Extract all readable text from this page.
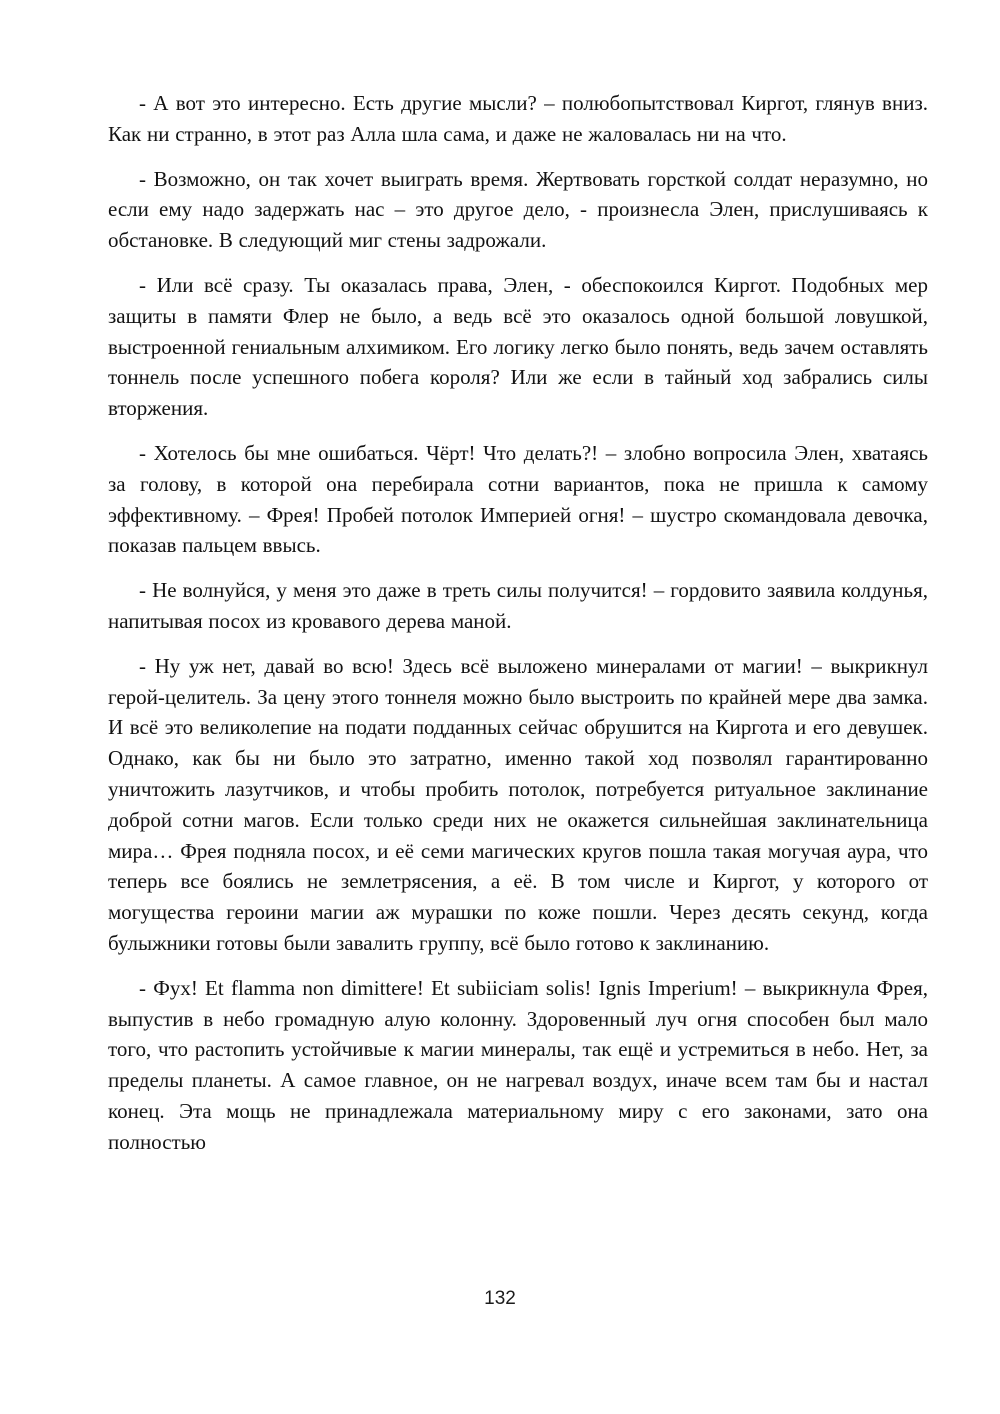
- А вот это интересно. Есть другие мысли? – полюбопытствовал Киргот, глянув вниз. Как ни странно, в этот раз Алла шла сама, и даже не жаловалась ни на что.

- Возможно, он так хочет выиграть время. Жертвовать горсткой солдат неразумно, но если ему надо задержать нас – это другое дело, - произнесла Элен, прислушиваясь к обстановке. В следующий миг стены задрожали.

- Или всё сразу. Ты оказалась права, Элен, - обеспокоился Киргот. Подобных мер защиты в памяти Флер не было, а ведь всё это оказалось одной большой ловушкой, выстроенной гениальным алхимиком. Его логику легко было понять, ведь зачем оставлять тоннель после успешного побега короля? Или же если в тайный ход забрались силы вторжения.

- Хотелось бы мне ошибаться. Чёрт! Что делать?! – злобно вопросила Элен, хватаясь за голову, в которой она перебирала сотни вариантов, пока не пришла к самому эффективному. – Фрея! Пробей потолок Империей огня! – шустро скомандовала девочка, показав пальцем ввысь.

- Не волнуйся, у меня это даже в треть силы получится! – гордовито заявила колдунья, напитывая посох из кровавого дерева маной.

- Ну уж нет, давай во всю! Здесь всё выложено минералами от магии! – выкрикнул герой-целитель. За цену этого тоннеля можно было выстроить по крайней мере два замка. И всё это великолепие на подати подданных сейчас обрушится на Киргота и его девушек. Однако, как бы ни было это затратно, именно такой ход позволял гарантированно уничтожить лазутчиков, и чтобы пробить потолок, потребуется ритуальное заклинание доброй сотни магов. Если только среди них не окажется сильнейшая заклинательница мира… Фрея подняла посох, и её семи магических кругов пошла такая могучая аура, что теперь все боялись не землетрясения, а её. В том числе и Киргот, у которого от могущества героини магии аж мурашки по коже пошли. Через десять секунд, когда булыжники готовы были завалить группу, всё было готово к заклинанию.

- Фух! Et flamma non dimittere! Et subiiciam solis! Ignis Imperium! – выкрикнула Фрея, выпустив в небо громадную алую колонну. Здоровенный луч огня способен был мало того, что растопить устойчивые к магии минералы, так ещё и устремиться в небо. Нет, за пределы планеты. А самое главное, он не нагревал воздух, иначе всем там бы и настал конец. Эта мощь не принадлежала материальному миру с его законами, зато она полностью

132
